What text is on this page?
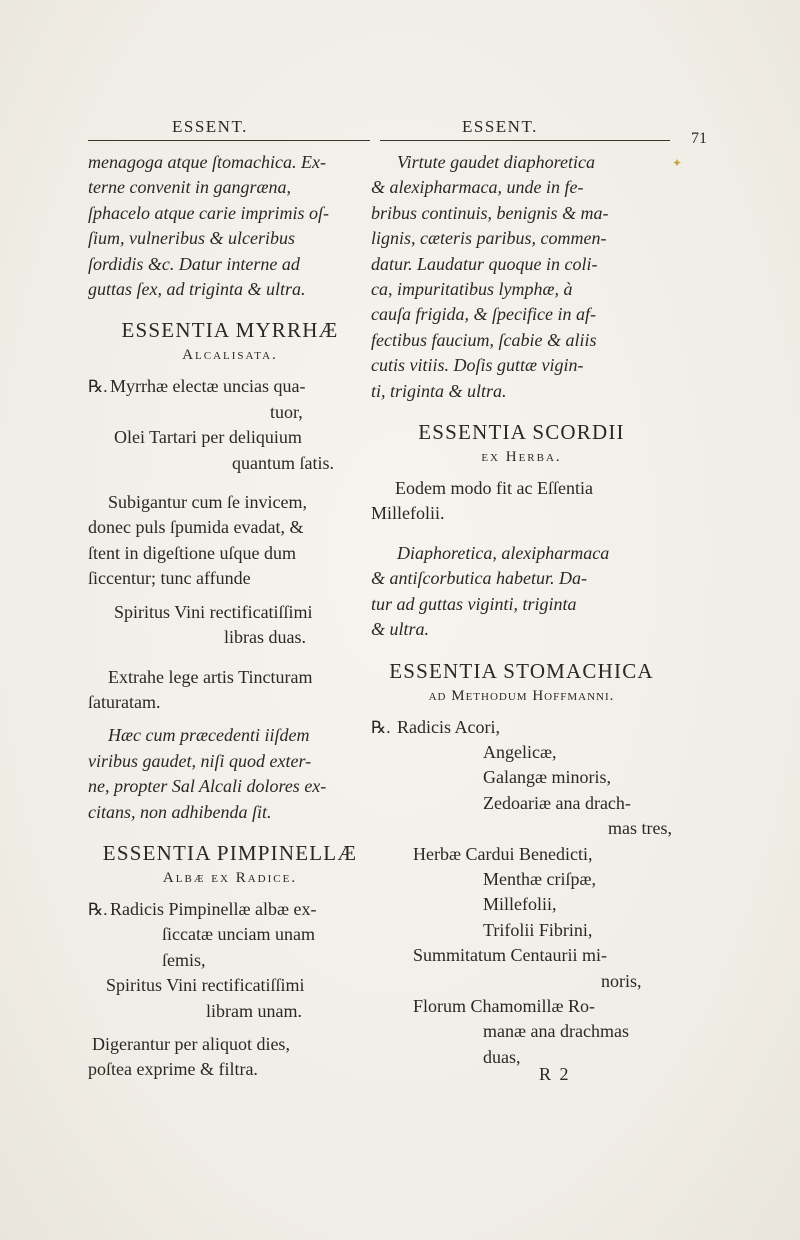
ESSENT.	ESSENT.
71
✦

menagoga atque ſtomachica. Ex-

terne convenit in gangræna,

ſphacelo atque carie imprimis oſ-

ſium, vulneribus & ulceribus

ſordidis &c. Datur interne ad

guttas ſex, ad triginta & ultra.

ESSENTIA MYRRHÆ

Alcalisata.

℞. Myrrhæ electæ uncias qua-

tuor,

Olei Tartari per deliquium

quantum ſatis.

Subigantur cum ſe invicem,

donec puls ſpumida evadat, &

ſtent in digeſtione uſque dum

ſiccentur; tunc affunde

Spiritus Vini rectificatiſſimi

libras duas.

Extrahe lege artis Tincturam

ſaturatam.

Hæc cum præcedenti iiſdem

viribus gaudet, niſi quod exter-

ne, propter Sal Alcali dolores ex-

citans, non adhibenda ſit.

ESSENTIA PIMPINELLÆ

Albæ ex Radice.

℞. Radicis Pimpinellæ albæ ex-

ſiccatæ unciam unam

ſemis,

Spiritus Vini rectificatiſſimi

libram unam.

Digerantur per aliquot dies,

poſtea exprime & filtra.

Virtute gaudet diaphoretica

& alexipharmaca, unde in fe-

bribus continuis, benignis & ma-

lignis, cæteris paribus, commen-

datur. Laudatur quoque in coli-

ca, impuritatibus lymphæ, à

cauſa frigida, & ſpecifice in af-

fectibus faucium, ſcabie & aliis

cutis vitiis. Doſis guttæ vigin-

ti, triginta & ultra.

ESSENTIA SCORDII

ex Herba.

Eodem modo fit ac Eſſentia

Millefolii.

Diaphoretica, alexipharmaca

& antiſcorbutica habetur. Da-

tur ad guttas viginti, triginta

& ultra.

ESSENTIA STOMACHICA

ad Methodum Hoffmanni.

℞. Radicis Acori,

Angelicæ,

Galangæ minoris,

Zedoariæ ana drach-

mas tres,

Herbæ Cardui Benedicti,

Menthæ criſpæ,

Millefolii,

Trifolii Fibrini,

Summitatum Centaurii mi-

noris,

Florum Chamomillæ Ro-

manæ ana drachmas

duas,

R 2
